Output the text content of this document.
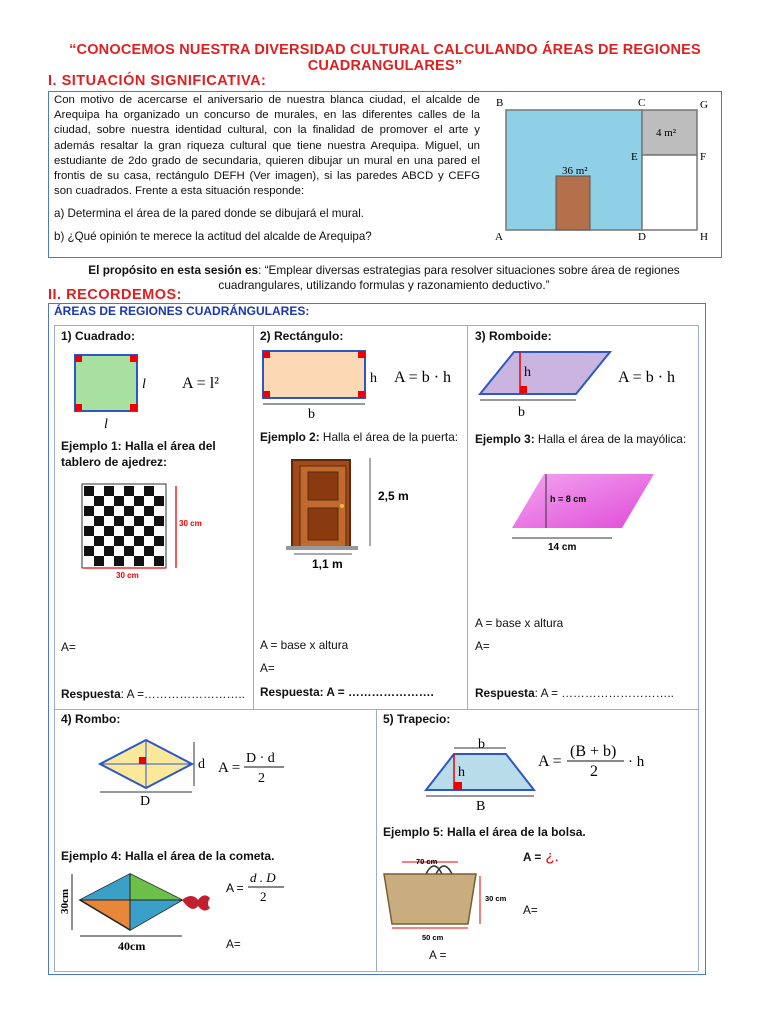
“CONOCEMOS NUESTRA DIVERSIDAD CULTURAL CALCULANDO ÁREAS DE REGIONES CUADRANGULARES”
I. SITUACIÓN SIGNIFICATIVA:
Con motivo de acercarse el aniversario de nuestra blanca ciudad, el alcalde de Arequipa ha organizado un concurso de murales, en las diferentes calles de la ciudad, sobre nuestra identidad cultural, con la finalidad de promover el arte y además resaltar la gran riqueza cultural que tiene nuestra Arequipa. Miguel, un estudiante de 2do grado de secundaria, quieren dibujar un mural en una pared el frontis de su casa, rectángulo DEFH (Ver imagen), si las paredes ABCD y CEFG son cuadrados. Frente a esta situación responde:
a) Determina el área de la pared donde se dibujará el mural.
b) ¿Qué opinión te merece la actitud del alcalde de Arequipa?
B	C	G
E	F
A	D	H
4 m²
36 m²
El propósito en esta sesión es: “Emplear diversas estrategias para resolver situaciones sobre área de regiones cuadrangulares, utilizando formulas y razonamiento deductivo.”
II. RECORDEMOS:
ÁREAS DE REGIONES CUADRÁNGULARES:
1) Cuadrado:
l
l
A = l²
Ejemplo 1: Halla el área del tablero de ajedrez:
30 cm
30 cm
A=
Respuesta: A =……………………..
2) Rectángulo:
h
b
A = b · h
Ejemplo 2: Halla el área de la puerta:
2,5 m
1,1 m
A = base x altura
A=
Respuesta: A = ………………….
3) Romboide:
h
b
A = b · h
Ejemplo 3: Halla el área de la mayólica:
h = 8 cm
14 cm
A = base x altura
A=
Respuesta: A = ………………………..
4) Rombo:
d
D
A =
D · d
2
Ejemplo 4: Halla el área de la cometa.
30cm
40cm
A =
d . D
2
A=
5) Trapecio:
b
h
B
A =
(B + b)
2
· h
Ejemplo 5: Halla el área de la bolsa.
A = ¿.
70 cm
30 cm
50 cm
A=
A =
